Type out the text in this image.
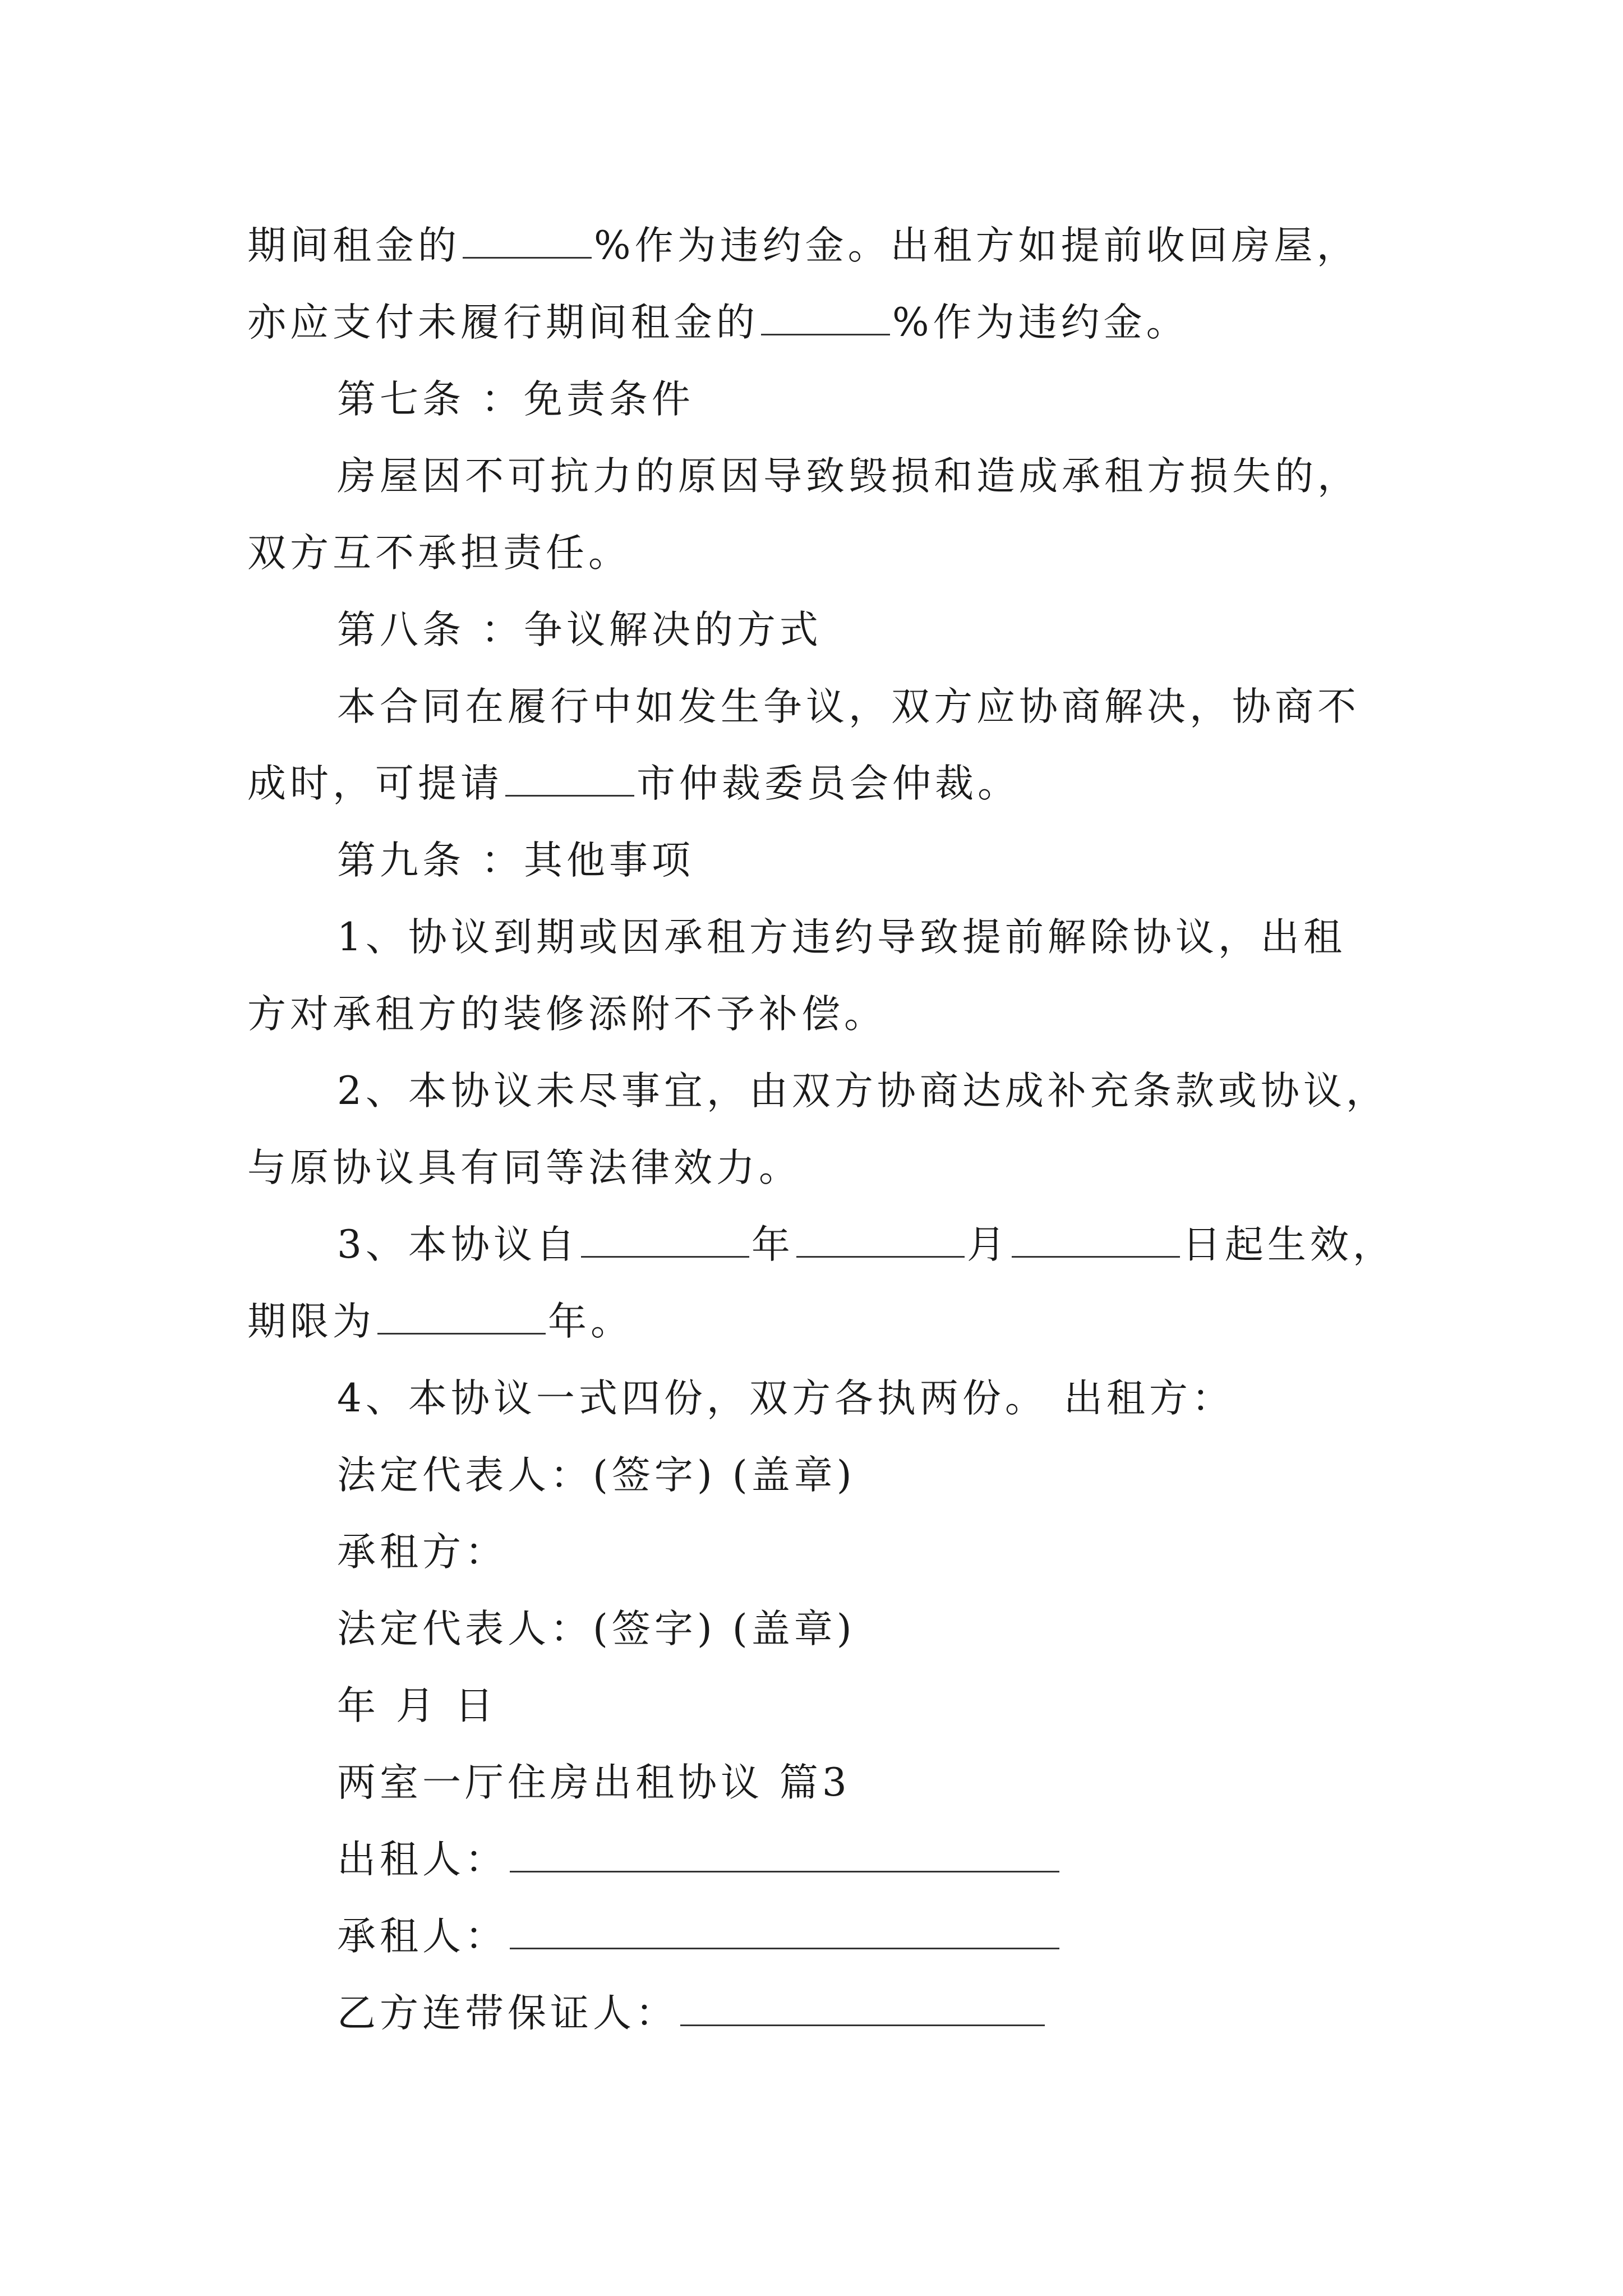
期间租金的	%作为违约金。出租方如提前收回房屋，
亦应支付未履行期间租金的	%作为违约金。
第七条 ：免责条件
房屋因不可抗力的原因导致毁损和造成承租方损失的，
双方互不承担责任。
第八条 ：争议解决的方式
本合同在履行中如发生争议，双方应协商解决，协商不
成时，可提请	市仲裁委员会仲裁。
第九条 ：其他事项
1、协议到期或因承租方违约导致提前解除协议，出租
方对承租方的装修添附不予补偿。
2、本协议未尽事宜，由双方协商达成补充条款或协议，
与原协议具有同等法律效力。
3、本协议自	年	月	日起生效，
期限为	年。
4、本协议一式四份，双方各执两份。 出租方：
法定代表人：(签字) (盖章)
承租方：
法定代表人：(签字) (盖章)
年 月 日
两室一厅住房出租协议 篇3
出租人：
承租人：
乙方连带保证人：
